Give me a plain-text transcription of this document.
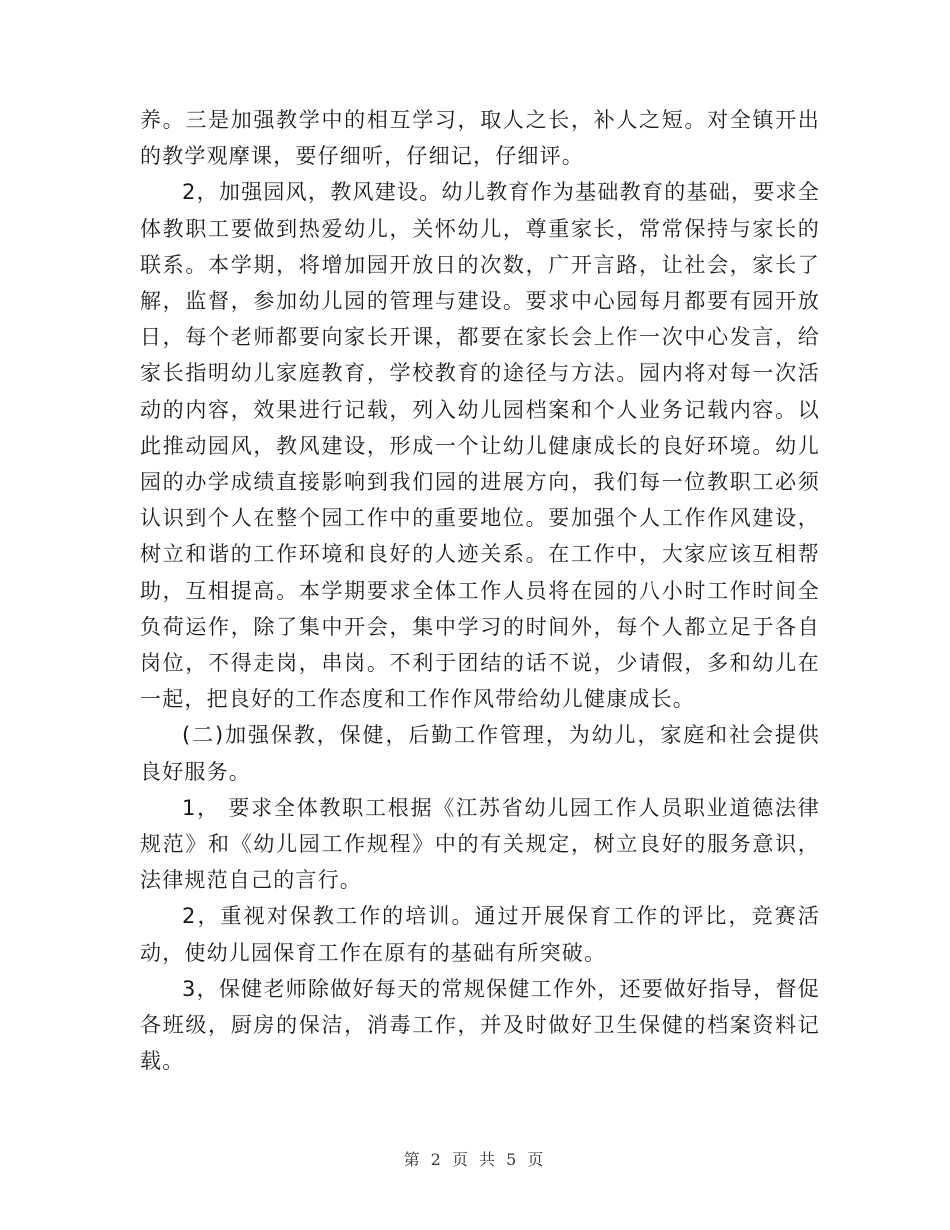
养。三是加强教学中的相互学习，取人之长，补人之短。对全镇开出的教学观摩课，要仔细听，仔细记，仔细评。

2，加强园风，教风建设。幼儿教育作为基础教育的基础，要求全体教职工要做到热爱幼儿，关怀幼儿，尊重家长，常常保持与家长的联系。本学期，将增加园开放日的次数，广开言路，让社会，家长了解，监督，参加幼儿园的管理与建设。要求中心园每月都要有园开放日，每个老师都要向家长开课，都要在家长会上作一次中心发言，给家长指明幼儿家庭教育，学校教育的途径与方法。园内将对每一次活动的内容，效果进行记载，列入幼儿园档案和个人业务记载内容。以此推动园风，教风建设，形成一个让幼儿健康成长的良好环境。幼儿园的办学成绩直接影响到我们园的进展方向，我们每一位教职工必须认识到个人在整个园工作中的重要地位。要加强个人工作作风建设，树立和谐的工作环境和良好的人迹关系。在工作中，大家应该互相帮助，互相提高。本学期要求全体工作人员将在园的八小时工作时间全负荷运作，除了集中开会，集中学习的时间外，每个人都立足于各自岗位，不得走岗，串岗。不利于团结的话不说，少请假，多和幼儿在一起，把良好的工作态度和工作作风带给幼儿健康成长。

(二)加强保教，保健，后勤工作管理，为幼儿，家庭和社会提供良好服务。

1， 要求全体教职工根据《江苏省幼儿园工作人员职业道德法律规范》和《幼儿园工作规程》中的有关规定，树立良好的服务意识，法律规范自己的言行。

2，重视对保教工作的培训。通过开展保育工作的评比，竞赛活动，使幼儿园保育工作在原有的基础有所突破。

3，保健老师除做好每天的常规保健工作外，还要做好指导，督促各班级，厨房的保洁，消毒工作，并及时做好卫生保健的档案资料记载。

第 2 页 共 5 页
